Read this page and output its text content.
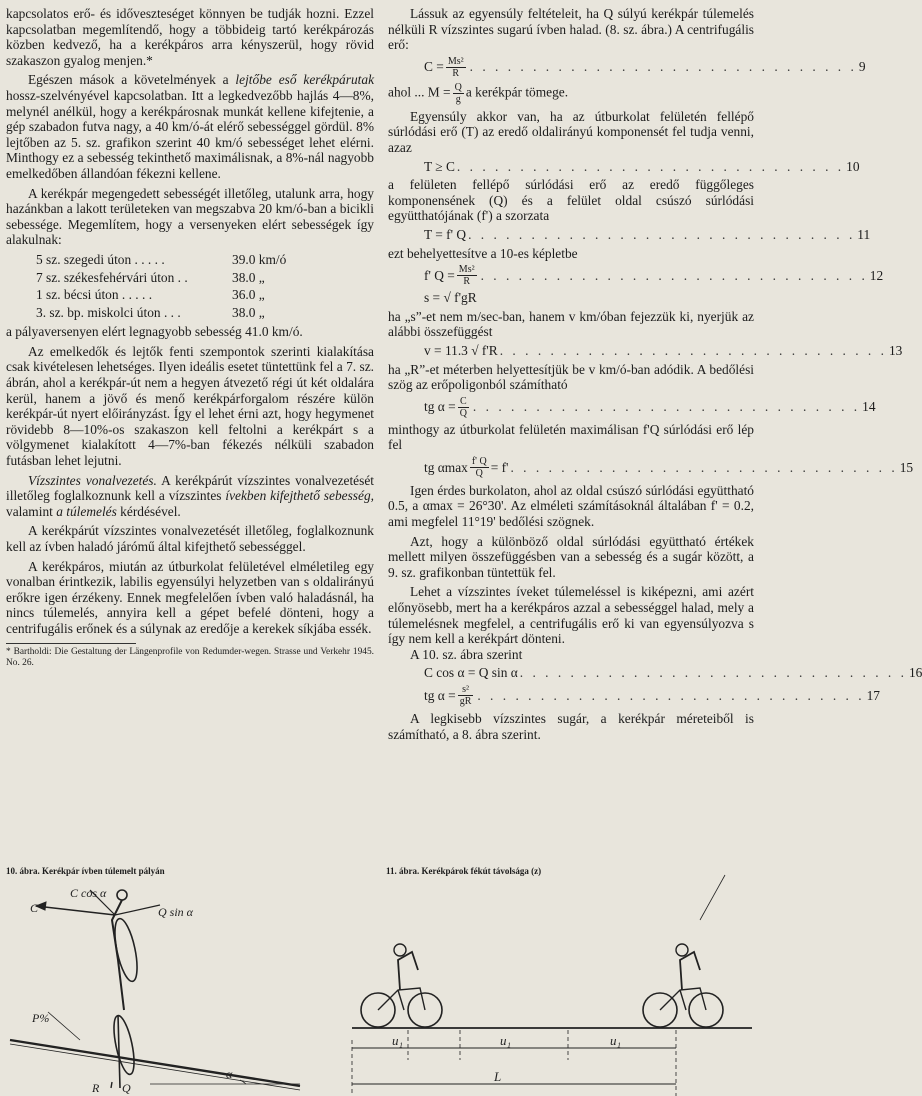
kapcsolatos erő- és időveszteséget könnyen be tudják hozni. Ezzel kapcsolatban megemlítendő, hogy a többideig tartó kerékpározás közben kedvező, ha a kerékpáros arra kényszerül, hogy rövid szakaszon gyalog menjen.*

Egészen mások a követelmények a lejtőbe eső kerékpárutak hossz-szelvényével kapcsolatban. Itt a legkedvezőbb hajlás 4—8%, melynél anélkül, hogy a kerékpárosnak munkát kellene kifejtenie, a gép szabadon futva nagy, a 40 km/ó-át elérő sebességgel gördül. 8% lejtőben az 5. sz. grafikon szerint 40 km/ó sebességet lehet elérni. Minthogy ez a sebesség tekinthető maximálisnak, a 8%-nál nagyobb emelkedőben állandóan fékezni kellene.

A kerékpár megengedett sebességét illetőleg, utalunk arra, hogy hazánkban a lakott területeken van megszabva 20 km/ó-ban a bicikli sebessége. Megemlítem, hogy a versenyeken elért sebességek így alakulnak:

5 sz. szegedi úton . . . . .	39.0 km/ó
7 sz. székesfehérvári úton . .	38.0 „
1 sz. bécsi úton . . . . .	36.0 „
3. sz. bp. miskolci úton . . .	38.0 „

a pályaversenyen elért legnagyobb sebesség 41.0 km/ó.

Az emelkedők és lejtők fenti szempontok szerinti kialakítása csak kivételesen lehetséges. Ilyen ideális esetet tüntettünk fel a 7. sz. ábrán, ahol a kerékpár-út nem a hegyen átvezető régi út két oldalára kerül, hanem a jövő és menő kerékpárforgalom részére külön kerékpár-út nyert előirányzást. Így el lehet érni azt, hogy hegymenet rövidebb 8—10%-os szakaszon kell feltolni a kerékpárt s a völgymenet kialakított 4—7%-ban fékezés nélküli szabadon futásban lehet lejutni.

Vízszintes vonalvezetés. A kerékpárút vízszintes vonalvezetését illetőleg foglalkoznunk kell a vízszintes ívekben kifejthető sebesség, valamint a túlemelés kérdésével.

A kerékpárút vízszintes vonalvezetését illetőleg, foglalkoznunk kell az ívben haladó járómű által kifejthető sebességgel.

A kerékpáros, miután az útburkolat felületével elméletileg egy vonalban érintkezik, labilis egyensúlyi helyzetben van s oldalirányú erőkre igen érzékeny. Ennek megfelelően ívben való haladásnál, ha nincs túlemelés, annyira kell a gépet befelé dönteni, hogy a centrifugális erőnek és a súlynak az eredője a kerekek síkjába essék.

* Bartholdi: Die Gestaltung der Längenprofile von Redumder-wegen. Strasse und Verkehr 1945. No. 26.

Lássuk az egyensúly feltételeit, ha Q súlyú kerékpár túlemelés nélküli R vízszintes sugarú ívben halad. (8. sz. ábra.) A centrifugális erő:

$C = \frac{\text{Ms²}}{R}$ . . . . . . . . . . . . . . . . . . . . . . . . . . . . . . . 9

ahol ... $M = \frac{Q}{g}$ a kerékpár tömege.

Egyensúly akkor van, ha az útburkolat felületén fellépő súrlódási erő (T) az eredő oldalirányú komponensét fel tudja venni, azaz

T ≥ C . . . . . . . . . . . . . . . . . . . . . . . . . . . . . . . 10

a felületen fellépő súrlódási erő az eredő függőleges komponensének (Q) és a felület oldal csúszó súrlódási együtthatójának (f') a szorzata

T = f' Q . . . . . . . . . . . . . . . . . . . . . . . . . . . . . . . 11

ezt behelyettesítve a 10-es képletbe

f' $Q = \frac{\text{Ms²}}{R}$ . . . . . . . . . . . . . . . . . . . . . . . . . . . . . . . 12
s = √ f'gR

ha „s”-et nem m/sec-ban, hanem v km/óban fejezzük ki, nyerjük az alábbi összefüggést

v = 11.3 √ f'R . . . . . . . . . . . . . . . . . . . . . . . . . . . . . . . 13

ha „R”-et méterben helyettesítjük be v km/ó-ban adódik. A bedőlési szög az erőpoligonból számítható

tg $\alpha = \frac{C}{Q}$ . . . . . . . . . . . . . . . . . . . . . . . . . . . . . . . 14

minthogy az útburkolat felületén maximálisan f'Q súrlódási erő lép fel

tg αmax $\frac{f' Q}{Q} = f'$ . . . . . . . . . . . . . . . . . . . . . . . . . . . . . . . 15

Igen érdes burkolaton, ahol az oldal csúszó súrlódási együttható 0.5, a αmax = 26°30'. Az elméleti számításoknál általában f' = 0.2, ami megfelel 11°19' bedőlési szögnek.

Azt, hogy a különböző oldal súrlódási együttható értékek mellett milyen összefüggésben van a sebesség és a sugár között, a 9. sz. grafikonban tüntettük fel.

Lehet a vízszintes íveket túlemeléssel is kiképezni, ami azért előnyösebb, mert ha a kerékpáros azzal a sebességgel halad, mely a túlemelésnek megfelel, a centrifugális erő ki van egyensúlyozva s így nem kell a kerékpárt dönteni.

A 10. sz. ábra szerint

C cos α = Q sin α . . . . . . . . . . . . . . . . . . . . . . . . . . . . . . . 16
tg $\alpha = \frac{\text{s²}}{gR}$ . . . . . . . . . . . . . . . . . . . . . . . . . . . . . . . 17

A legkisebb vízszintes sugár, a kerékpár méreteiből is számítható, a 8. ábra szerint.

10. ábra. Kerékpár ívben túlemelt pályán	11. ábra. Kerékpárok fékút távolsága (z)
C cos α
C	Q sin α
P%
R Q
α
u₁	u₁	u₁
L
